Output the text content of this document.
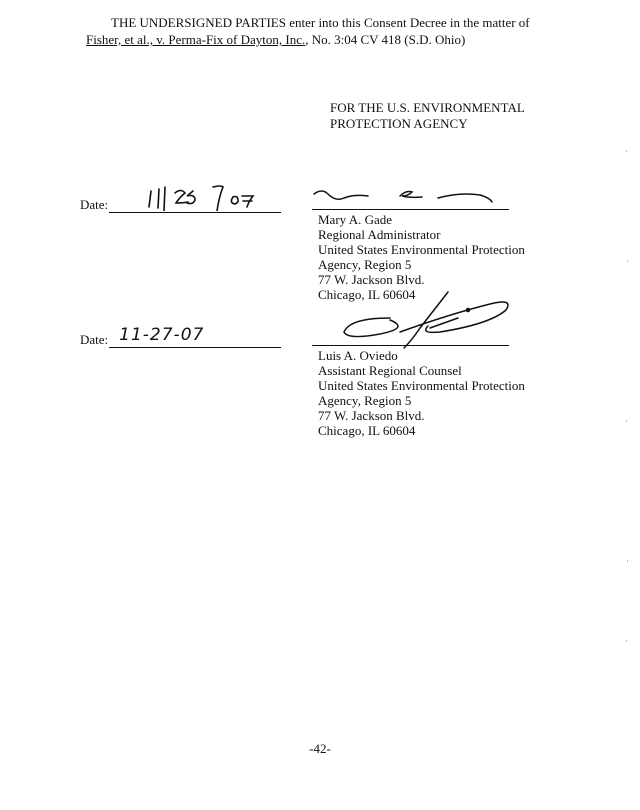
THE UNDERSIGNED PARTIES enter into this Consent Decree in the matter of Fisher, et al., v. Perma-Fix of Dayton, Inc., No. 3:04 CV 418 (S.D. Ohio)
FOR THE U.S. ENVIRONMENTAL
PROTECTION AGENCY
Date:
Mary A. Gade
Regional Administrator
United States Environmental Protection
Agency, Region 5
77 W. Jackson Blvd.
Chicago, IL 60604
Date: 11-27-07
Luis A. Oviedo
Assistant Regional Counsel
United States Environmental Protection
Agency, Region 5
77 W. Jackson Blvd.
Chicago, IL 60604
-42-
